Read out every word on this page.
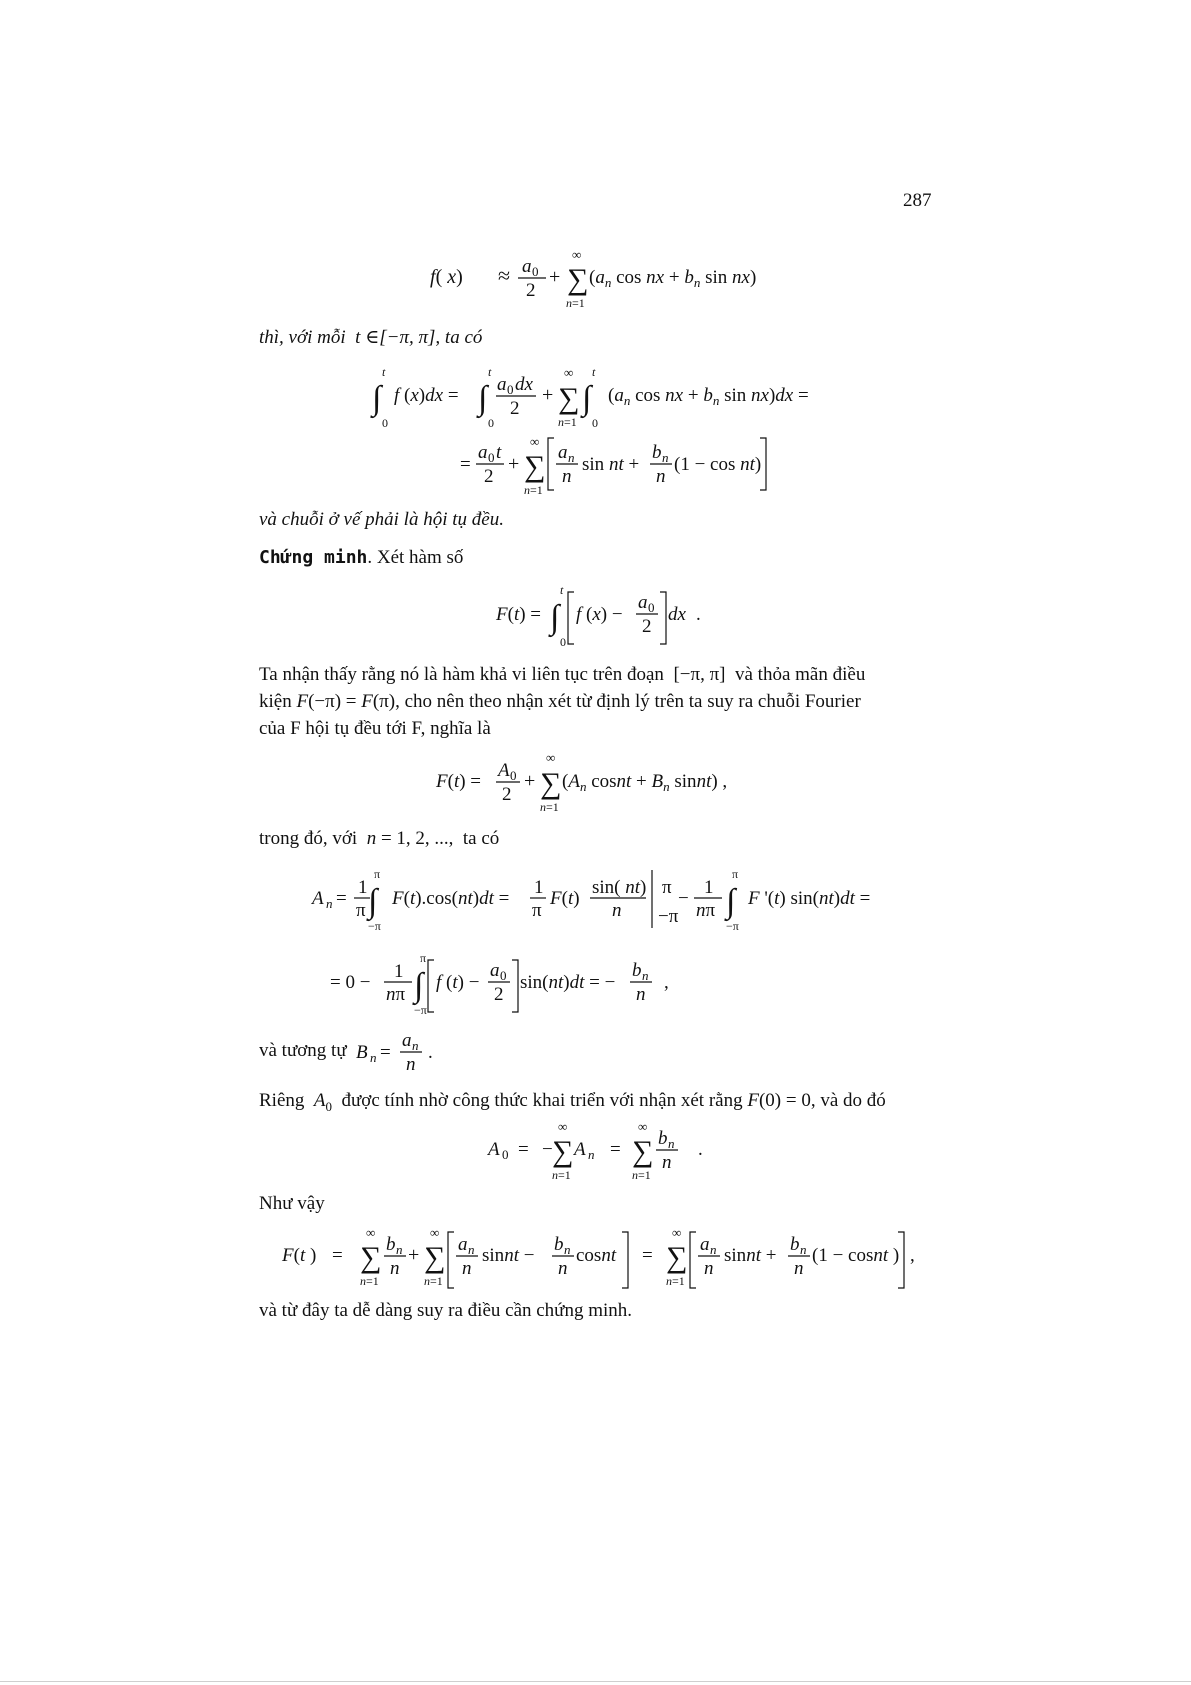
287
f( x) ≈ a 0
2
+ ∑
∞
n=1
($a_n$ cos nx + $b_n$ sin nx)
thì, với mỗi  t ∈[−π, π], ta có
t
∫
0
f (x)dx =
t
∫
0
a 0 dx
2
+ ∑
∞
n=1
t
∫
0
($a_n$ cos nx + $b_n$ sin nx)dx =
=
a 0 t
2
+ ∑
∞
n=1
a n
n
sin nt +
b n
n
(1 − cos nt)
và chuỗi ở vế phải là hội tụ đều.
Chứng minh. Xét hàm số
F(t) =
t
∫
0
f (x) −
a 0
2
dx .
Ta nhận thấy rằng nó là hàm khả vi liên tục trên đoạn  [−π, π]  và thỏa mãn điều
kiện F(−π) = F(π), cho nên theo nhận xét từ định lý trên ta suy ra chuỗi Fourier
của F hội tụ đều tới F, nghĩa là
F(t) =
A 0
2
+ ∑
∞
n=1
($A_n$ cosnt + $B_n$ sinnt) ,
trong đó, với n = 1, 2, ...,  ta có
A n =
1
π
π
∫
−π
F(t).cos(nt)dt =
1
π
F(t)
sin( nt)
n
π
−π
−
1
nπ
π
∫
−π
F '(t) sin(nt)dt =
= 0 −
1
nπ
π
∫
−π
f (t) −
a 0
2
sin(nt)dt = −
b n
n
,
và tương tự B n =
a n
n
.
Riêng $A_0$ được tính nhờ công thức khai triển với nhận xét rằng F(0) = 0, và do đó
A 0 = − ∑
∞
n=1
A n = ∑
∞
n=1
b n
n
.
Như vậy
F(t ) = ∑
∞
n=1
b n
n
+ ∑
∞
n=1
a n
n
sinnt −
b n
n
cosnt = ∑
∞
n=1
a n
n
sinnt +
b n
n
(1 − cosnt ) ,
và từ đây ta dễ dàng suy ra điều cần chứng minh.
